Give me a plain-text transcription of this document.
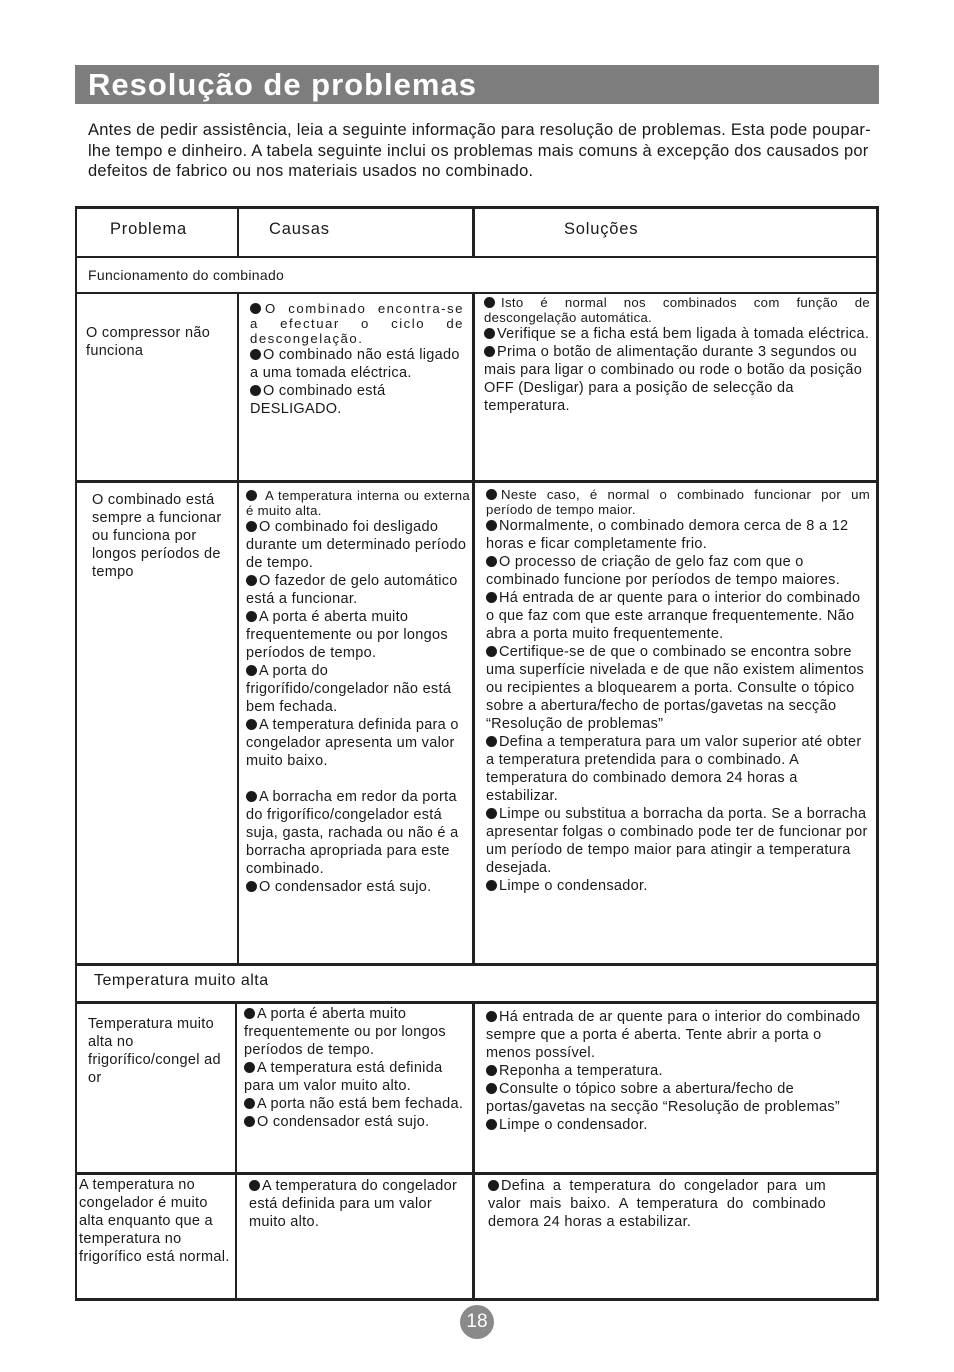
Resolução de problemas

Antes de pedir assistência, leia a seguinte informação para resolução de problemas. Esta pode poupar-lhe tempo e dinheiro. A tabela seguinte inclui os problemas mais comuns à excepção dos causados por defeitos de fabrico ou nos materiais usados no combinado.

Problema	Causas	Soluções
Funcionamento do combinado
O compressor não funciona

O combinado encontra-se a efectuar o ciclo de descongelação.

O combinado não está ligado a uma tomada eléctrica.

O combinado está DESLIGADO.

Isto é normal nos combinados com função de descongelação automática.

Verifique se a ficha está bem ligada à tomada eléctrica.

Prima o botão de alimentação durante 3 segundos ou mais para ligar o combinado ou rode o botão da posição OFF (Desligar) para a posição de selecção da temperatura.

O combinado está sempre a funcionar ou funciona por longos períodos de tempo

A temperatura interna ou externa é muito alta.

O combinado foi desligado durante um determinado período de tempo.

O fazedor de gelo automático está a funcionar.

A porta é aberta muito frequentemente ou por longos períodos de tempo.

A porta do frigorífido/congelador não está bem fechada.

A temperatura definida para o congelador apresenta um valor muito baixo.

A borracha em redor da porta do frigorífico/congelador está suja, gasta, rachada ou não é a borracha apropriada para este combinado.

O condensador está sujo.

Neste caso, é normal o combinado funcionar por um período de tempo maior.

Normalmente, o combinado demora cerca de 8 a 12 horas e ficar completamente frio.

O processo de criação de gelo faz com que o combinado funcione por períodos de tempo maiores.

Há entrada de ar quente para o interior do combinado o que faz com que este arranque frequentemente. Não abra a porta muito frequentemente.

Certifique-se de que o combinado se encontra sobre uma superfície nivelada e de que não existem alimentos ou recipientes a bloquearem a porta. Consulte o tópico sobre a abertura/fecho de portas/gavetas na secção “Resolução de problemas”

Defina a temperatura para um valor superior até obter a temperatura pretendida para o combinado. A temperatura do combinado demora 24 horas a estabilizar.

Limpe ou substitua a borracha da porta. Se a borracha apresentar folgas o combinado pode ter de funcionar por um período de tempo maior para atingir a temperatura desejada.

Limpe o condensador.

Temperatura muito alta
Temperatura muito alta no frigorífico/congel ad or

A porta é aberta muito frequentemente ou por longos períodos de tempo.

A temperatura está definida para um valor muito alto.

A porta não está bem fechada.

O condensador está sujo.

Há entrada de ar quente para o interior do combinado sempre que a porta é aberta. Tente abrir a porta o menos possível.

Reponha a temperatura.

Consulte o tópico sobre a abertura/fecho de portas/gavetas na secção “Resolução de problemas”

Limpe o condensador.

A temperatura no congelador é muito alta enquanto que a temperatura no frigorífico está normal.

A temperatura do congelador está definida para um valor muito alto.

Defina a temperatura do congelador para um valor mais baixo. A temperatura do combinado demora 24 horas a estabilizar.

18
